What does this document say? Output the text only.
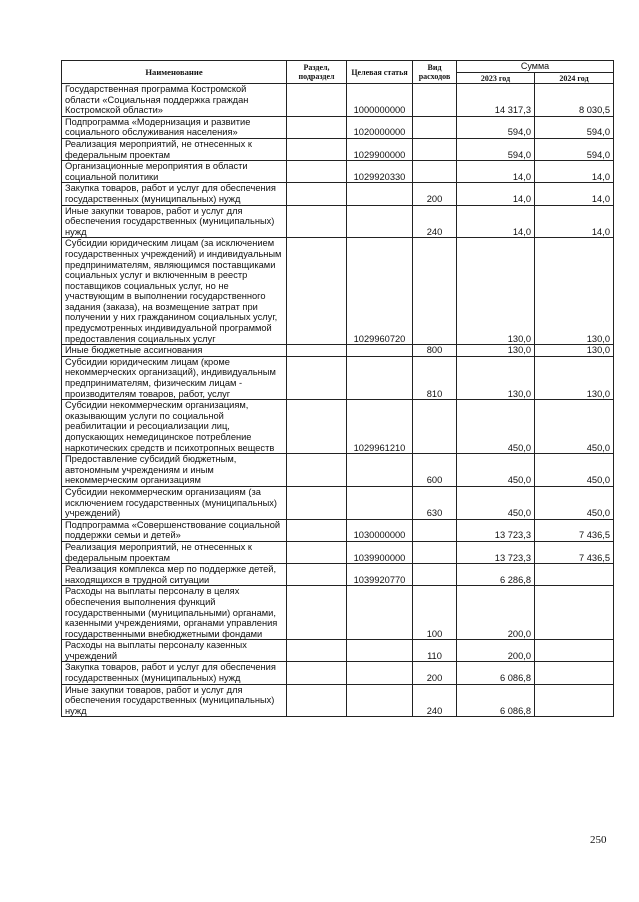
Наименование	Раздел, подраздел	Целевая статья	Вид расходов	Сумма	
				2023 год	2024 год
Государственная программа Костромской области «Социальная поддержка граждан Костромской области»		1000000000		14 317,3	8 030,5
Подпрограмма «Модернизация и развитие социального обслуживания населения»		1020000000		594,0	594,0
Реализация мероприятий, не отнесенных к федеральным проектам		1029900000		594,0	594,0
Организационные мероприятия в области социальной политики		1029920330		14,0	14,0
Закупка товаров, работ и услуг для обеспечения государственных (муниципальных) нужд			200	14,0	14,0
Иные закупки товаров, работ и услуг для обеспечения государственных (муниципальных) нужд			240	14,0	14,0
Субсидии юридическим лицам (за исключением государственных учреждений) и индивидуальным предпринимателям, являющимся поставщиками социальных услуг и включенным в реестр поставщиков социальных услуг, но не участвующим в выполнении государственного задания (заказа), на возмещение затрат при получении у них гражданином социальных услуг, предусмотренных индивидуальной программой предоставления социальных услуг		1029960720		130,0	130,0
Иные бюджетные ассигнования			800	130,0	130,0
Субсидии юридическим лицам (кроме некоммерческих организаций), индивидуальным предпринимателям, физическим лицам - производителям товаров, работ, услуг			810	130,0	130,0
Субсидии некоммерческим организациям, оказывающим услуги по социальной реабилитации и ресоциализации лиц, допускающих немедицинское потребление наркотических средств и психотропных веществ		1029961210		450,0	450,0
Предоставление субсидий бюджетным, автономным учреждениям и иным некоммерческим организациям			600	450,0	450,0
Субсидии некоммерческим организациям (за исключением государственных (муниципальных) учреждений)			630	450,0	450,0
Подпрограмма «Совершенствование социальной поддержки семьи и детей»		1030000000		13 723,3	7 436,5
Реализация мероприятий, не отнесенных к федеральным проектам		1039900000		13 723,3	7 436,5
Реализация комплекса мер по поддержке детей, находящихся в трудной ситуации		1039920770		6 286,8	
Расходы на выплаты персоналу в целях обеспечения выполнения функций государственными (муниципальными) органами, казенными учреждениями, органами управления государственными внебюджетными фондами			100	200,0	
Расходы на выплаты персоналу казенных учреждений			110	200,0	
Закупка товаров, работ и услуг для обеспечения государственных (муниципальных) нужд			200	6 086,8	
Иные закупки товаров, работ и услуг для обеспечения государственных (муниципальных) нужд			240	6 086,8	
250
